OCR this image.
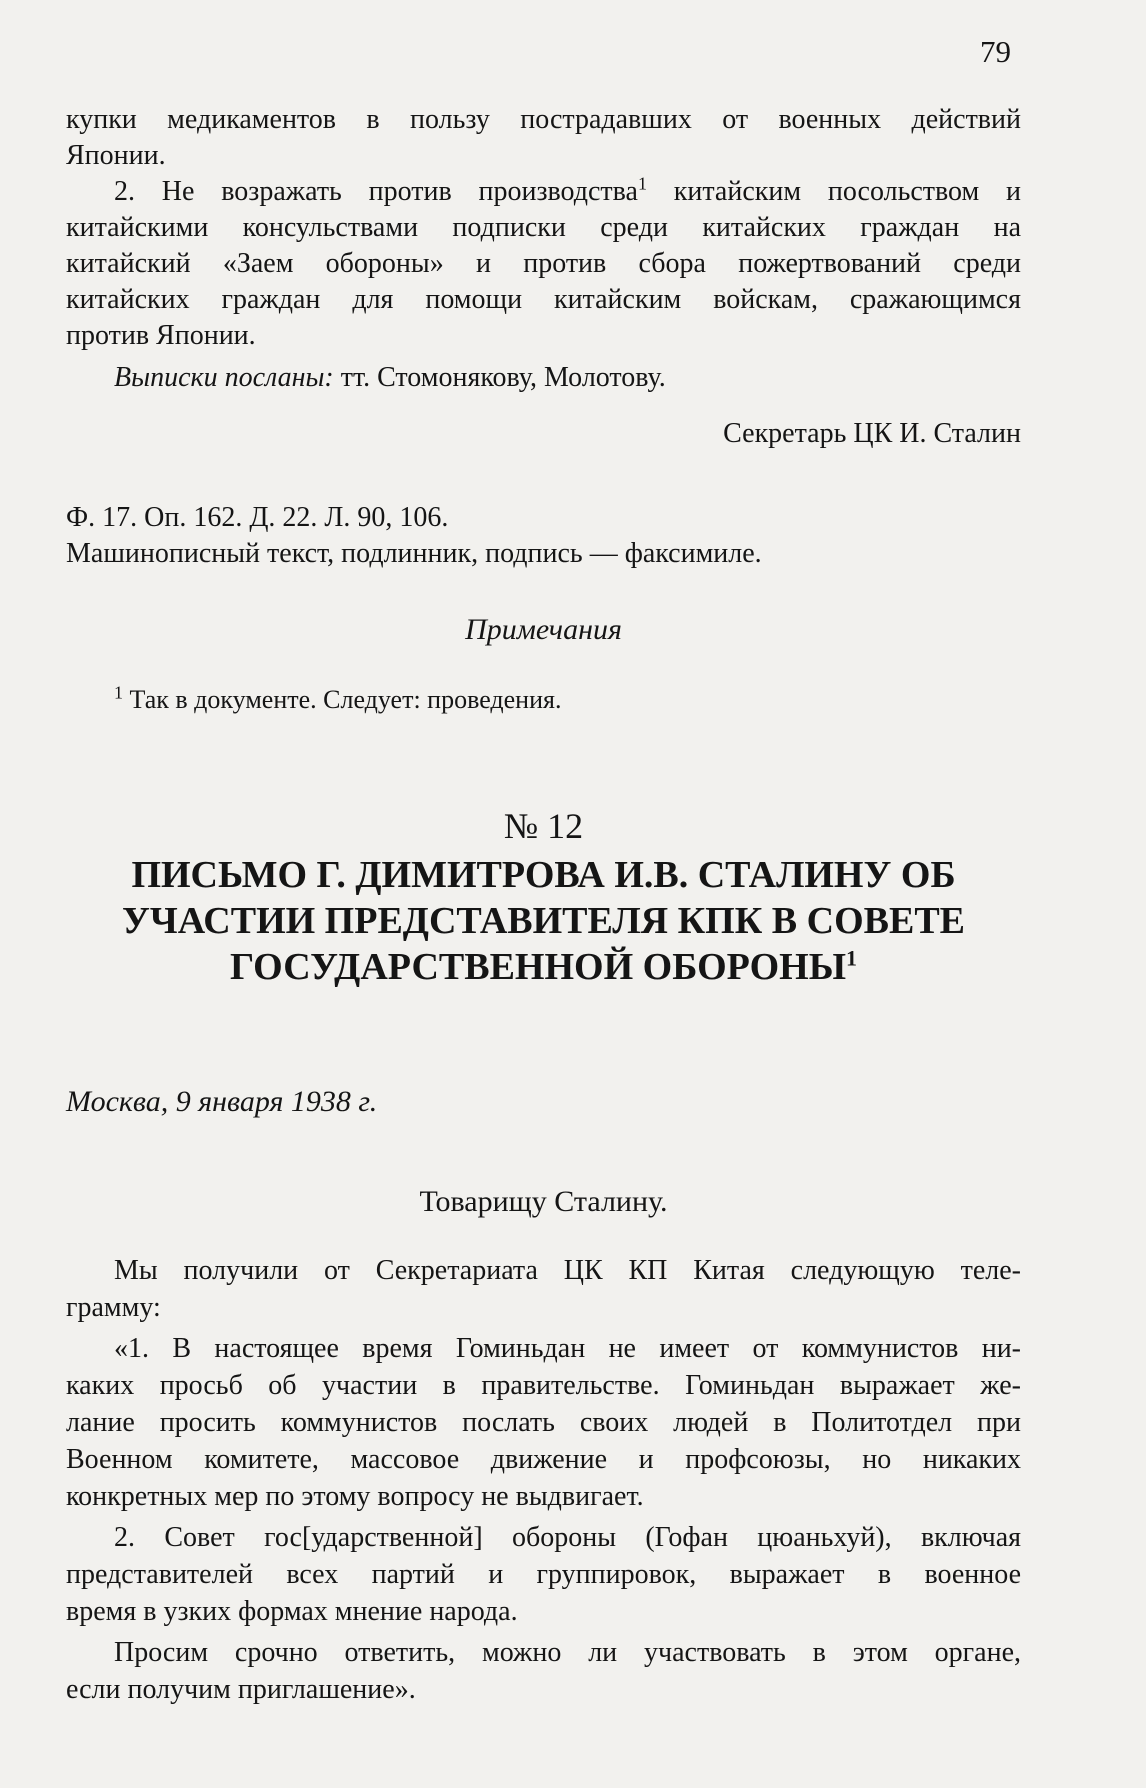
79

купки медикаментов в пользу пострадавших от военных действий

Японии.

2. Не возражать против производства$^1$ китайским посольством и

китайскими консульствами подписки среди китайских граждан на

китайский «Заем обороны» и против сбора пожертвований среди

китайских граждан для помощи китайским войскам, сражающимся

против Японии.

Выписки посланы: тт. Стомонякову, Молотову.

Секретарь ЦК И. Сталин

Ф. 17. Оп. 162. Д. 22. Л. 90, 106.

Машинописный текст, подлинник, подпись — факсимиле.

Примечания

$^1$ Так в документе. Следует: проведения.

№ 12

ПИСЬМО Г. ДИМИТРОВА И.В. СТАЛИНУ ОБ

УЧАСТИИ ПРЕДСТАВИТЕЛЯ КПК В СОВЕТЕ

ГОСУДАРСТВЕННОЙ ОБОРОНЫ$^1$

Москва, 9 января 1938 г.

Товарищу Сталину.

Мы получили от Секретариата ЦК КП Китая следующую теле-

грамму:

«1. В настоящее время Гоминьдан не имеет от коммунистов ни-

каких просьб об участии в правительстве. Гоминьдан выражает же-

лание просить коммунистов послать своих людей в Политотдел при

Военном комитете, массовое движение и профсоюзы, но никаких

конкретных мер по этому вопросу не выдвигает.

2. Совет гос[ударственной] обороны (Гофан цюаньхуй), включая

представителей всех партий и группировок, выражает в военное

время в узких формах мнение народа.

Просим срочно ответить, можно ли участвовать в этом органе,

если получим приглашение».
